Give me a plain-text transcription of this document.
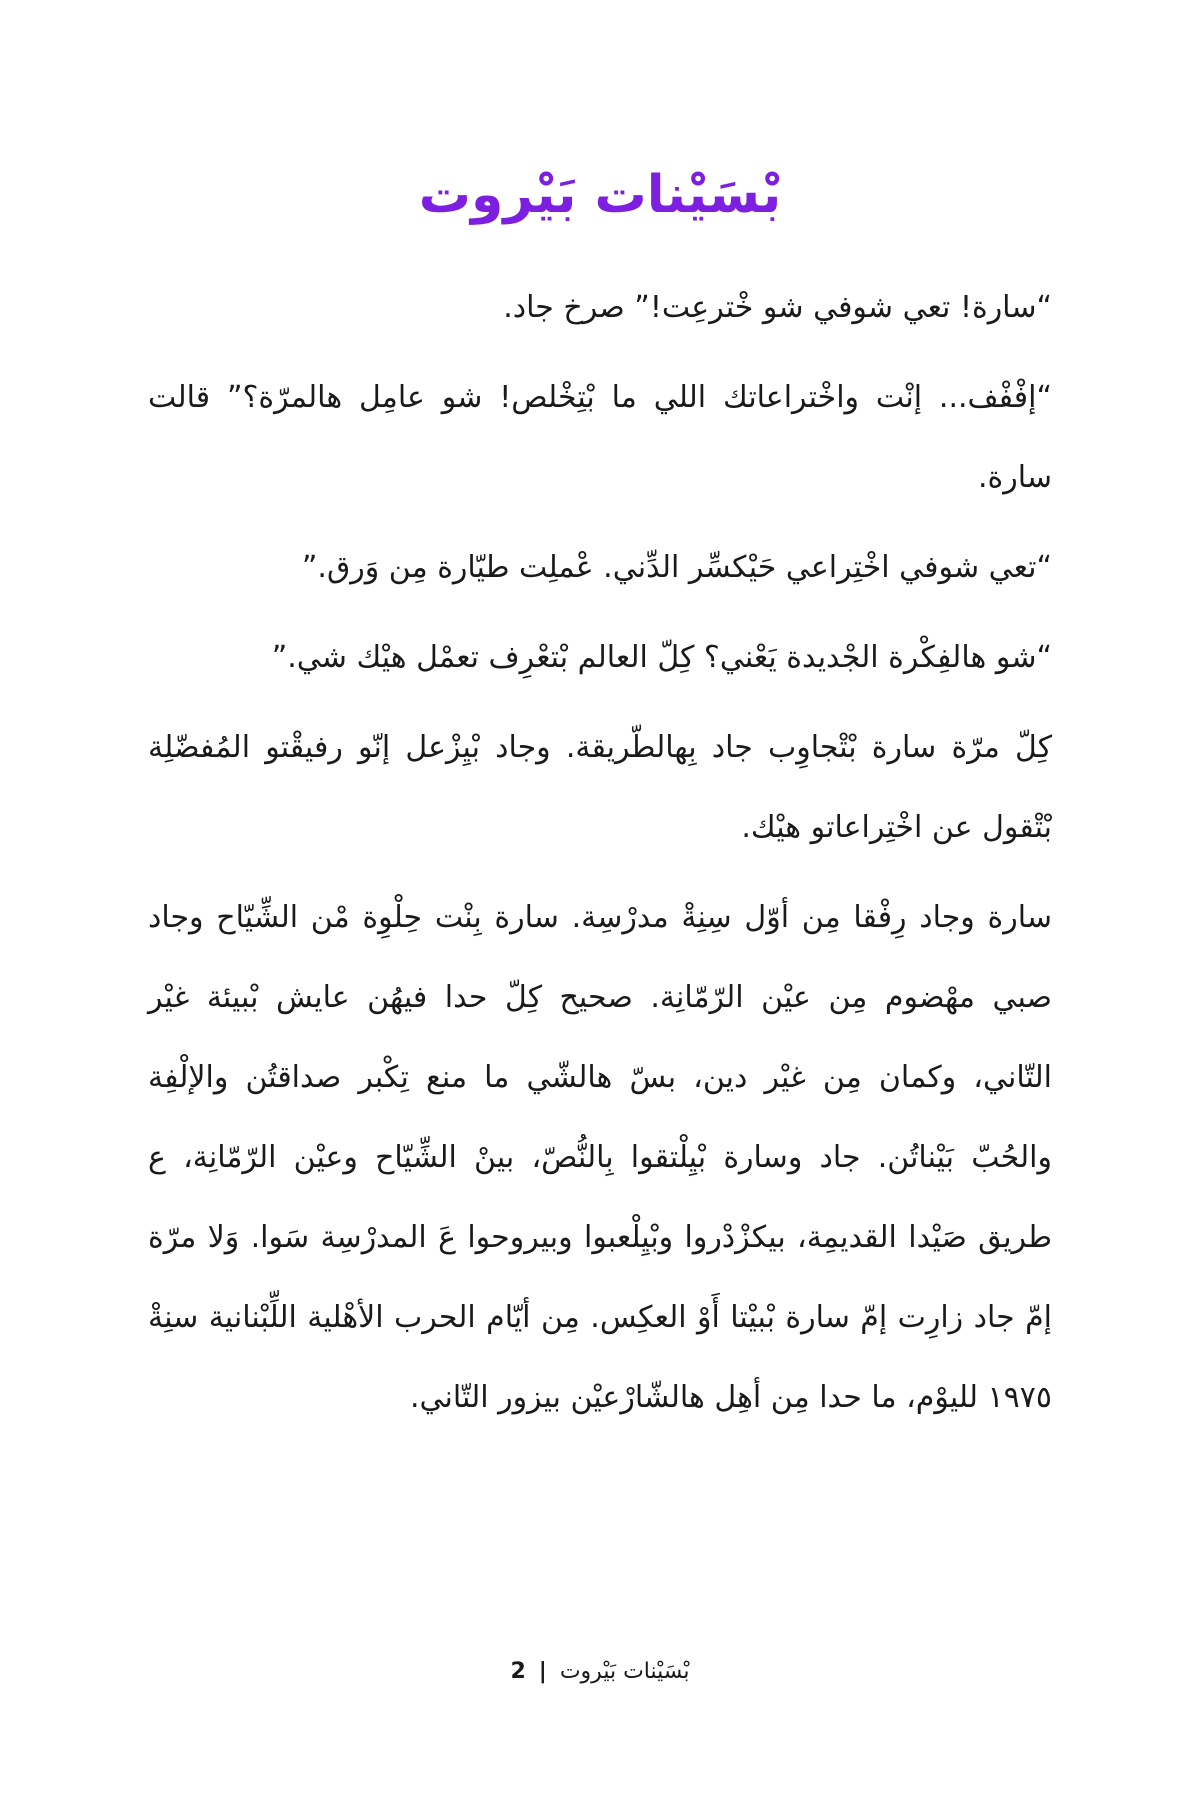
بْسَيْنات بَيْروت

“سارة! تعي شوفي شو خْترعِت!” صرخ جاد.

“إفْفْف... إنْت واخْتراعاتك اللي ما بْتِخْلص! شو عامِل هالمرّة؟” قالت سارة.

“تعي شوفي اخْتِراعي حَيْكسِّر الدِّني. عْملِت طيّارة مِن وَرق.”

“شو هالفِكْرة الجْديدة يَعْني؟ كِلّ العالم بْتعْرِف تعمْل هيْك شي.”

كِلّ مرّة سارة بْتْجاوِب جاد بِهالطّريقة. وجاد بْيِزْعل إنّو رفيقْتو المُفضّلِة بْتْقول عن اخْتِراعاتو هيْك.

سارة وجاد رِفْقا مِن أوّل سِنِةْ مدرْسِة. سارة بِنْت حِلْوِة مْن الشِّيّاح وجاد صبي مهْضوم مِن عيْن الرّمّانِة. صحيح كِلّ حدا فيهُن عايش بْبيئة غيْر التّاني، وكمان مِن غيْر دين، بسّ هالشّي ما منع تِكْبر صداقتُن والإلْفِة والحُبّ بَيْناتُن. جاد وسارة بْيِلْتقوا بِالنُّصّ، بينْ الشِّيّاح وعيْن الرّمّانِة، ع طريق صَيْدا القديمِة، بيكزْدْروا وبْيِلْعبوا وبيروحوا عَ المدرْسِة سَوا. وَلا مرّة إمّ جاد زارِت إمّ سارة بْبيْتا أَوْ العكِس. مِن أيّام الحرب الأهْلية اللِّبْنانية سنِةْ ١٩٧٥ لليوْم، ما حدا مِن أهِل هالشّارْعيْن بيزور التّاني.

بْسَيْنات بَيْروت | 2
